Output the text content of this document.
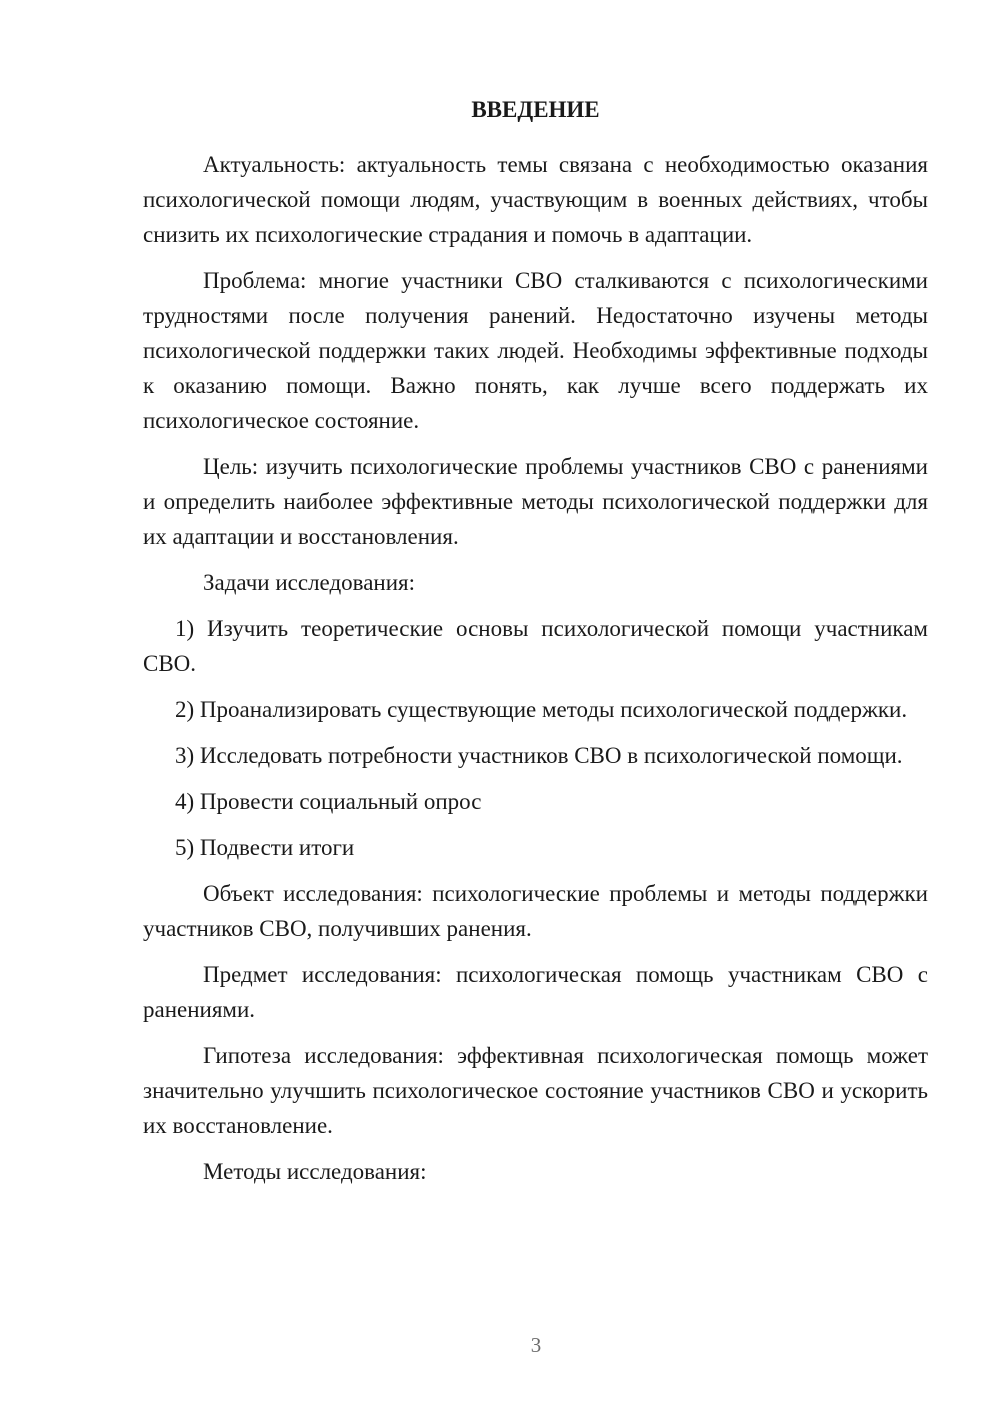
ВВЕДЕНИЕ

Актуальность: актуальность темы связана с необходимостью оказания психологической помощи людям, участвующим в военных действиях, чтобы снизить их психологические страдания и помочь в адаптации.

Проблема: многие участники СВО сталкиваются с психологическими трудностями после получения ранений. Недостаточно изучены методы психологической поддержки таких людей. Необходимы эффективные подходы к оказанию помощи. Важно понять, как лучше всего поддержать их психологическое состояние.

Цель: изучить психологические проблемы участников СВО с ранениями и определить наиболее эффективные методы психологической поддержки для их адаптации и восстановления.

Задачи исследования:

1) Изучить теоретические основы психологической помощи участникам СВО.

2) Проанализировать существующие методы психологической поддержки.

3) Исследовать потребности участников СВО в психологической помощи.

4) Провести социальный опрос

5) Подвести итоги

Объект исследования: психологические проблемы и методы поддержки участников СВО, получивших ранения.

Предмет исследования: психологическая помощь участникам СВО с ранениями.

Гипотеза исследования: эффективная психологическая помощь может значительно улучшить психологическое состояние участников СВО и ускорить их восстановление.

Методы исследования:

3
